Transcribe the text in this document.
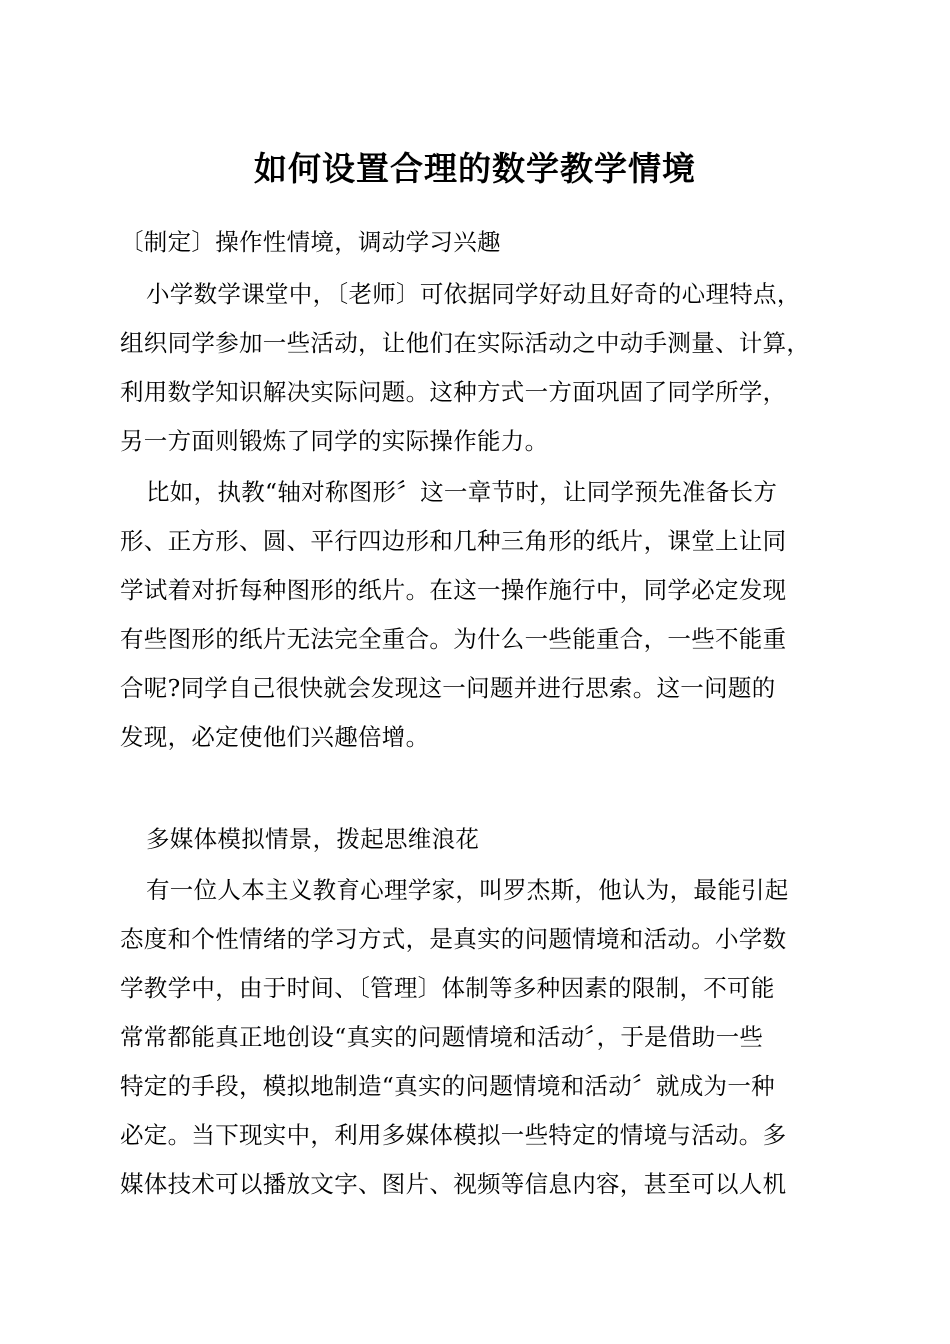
如何设置合理的数学教学情境
〔制定〕操作性情境，调动学习兴趣
小学数学课堂中，〔老师〕可依据同学好动且好奇的心理特点，
组织同学参加一些活动，让他们在实际活动之中动手测量、计算，
利用数学知识解决实际问题。这种方式一方面巩固了同学所学，
另一方面则锻炼了同学的实际操作能力。
比如，执教“轴对称图形〞这一章节时，让同学预先准备长方
形、正方形、圆、平行四边形和几种三角形的纸片，课堂上让同
学试着对折每种图形的纸片。在这一操作施行中，同学必定发现
有些图形的纸片无法完全重合。为什么一些能重合，一些不能重
合呢?同学自己很快就会发现这一问题并进行思索。这一问题的
发现，必定使他们兴趣倍增。
多媒体模拟情景，拨起思维浪花
有一位人本主义教育心理学家，叫罗杰斯，他认为，最能引起
态度和个性情绪的学习方式，是真实的问题情境和活动。小学数
学教学中，由于时间、〔管理〕体制等多种因素的限制，不可能
常常都能真正地创设“真实的问题情境和活动〞，于是借助一些
特定的手段，模拟地制造“真实的问题情境和活动〞就成为一种
必定。当下现实中，利用多媒体模拟一些特定的情境与活动。多
媒体技术可以播放文字、图片、视频等信息内容，甚至可以人机
